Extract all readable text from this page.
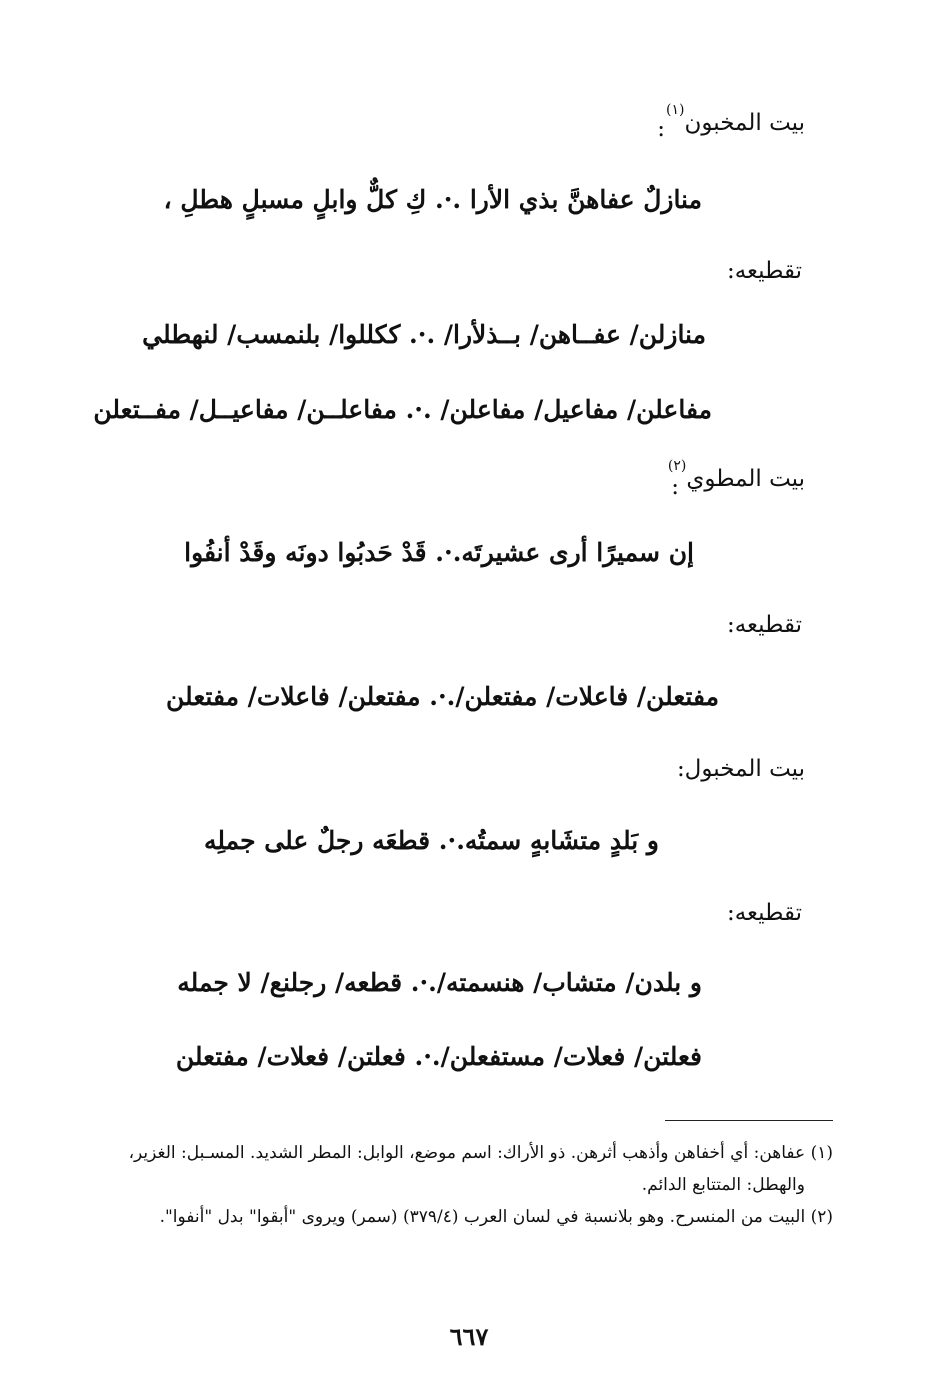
بيت المخبون$^{(١)}$
:
منازلٌ عفاهنَّ بذي الأرا .·. كِ كلٌّ وابلٍ مسبلٍ هطلِ ،
تقطيعه:
منازلن/ عفــاهن/ بــذلأرا/ .·. ككللوا/ بلنمسب/ لنهطلي
مفاعلن/ مفاعيل/ مفاعلن/ .·. مفاعلــن/ مفاعيــل/ مفــتعلن
بيت المطوي$^{(٢)}$
:
إن سميرًا أرى عشيرتَه.·. قَدْ حَدبُوا دونَه وقَدْ أنفُوا
تقطيعه:
مفتعلن/ فاعلات/ مفتعلن/.·. مفتعلن/ فاعلات/ مفتعلن
بيت المخبول:
و بَلدٍ متشَابهٍ سمتُه.·. قطعَه رجلٌ على جملِه
تقطيعه:
و بلدن/ متشاب/ هنسمته/.·. قطعه/ رجلنع/ لا جمله
فعلتن/ فعلات/ مستفعلن/.·. فعلتن/ فعلات/ مفتعلن
(١) عفاهن: أي أخفاهن وأذهب أثرهن. ذو الأراك: اسم موضع، الوابل: المطر الشديد. المسـبل: الغزير،
والهطل: المتتابع الدائم.
(٢) البيت من المنسرح. وهو بلانسبة في لسان العرب (٣٧٩/٤) (سمر) ويروى "أبقوا" بدل "أنفوا".
٦٦٧
